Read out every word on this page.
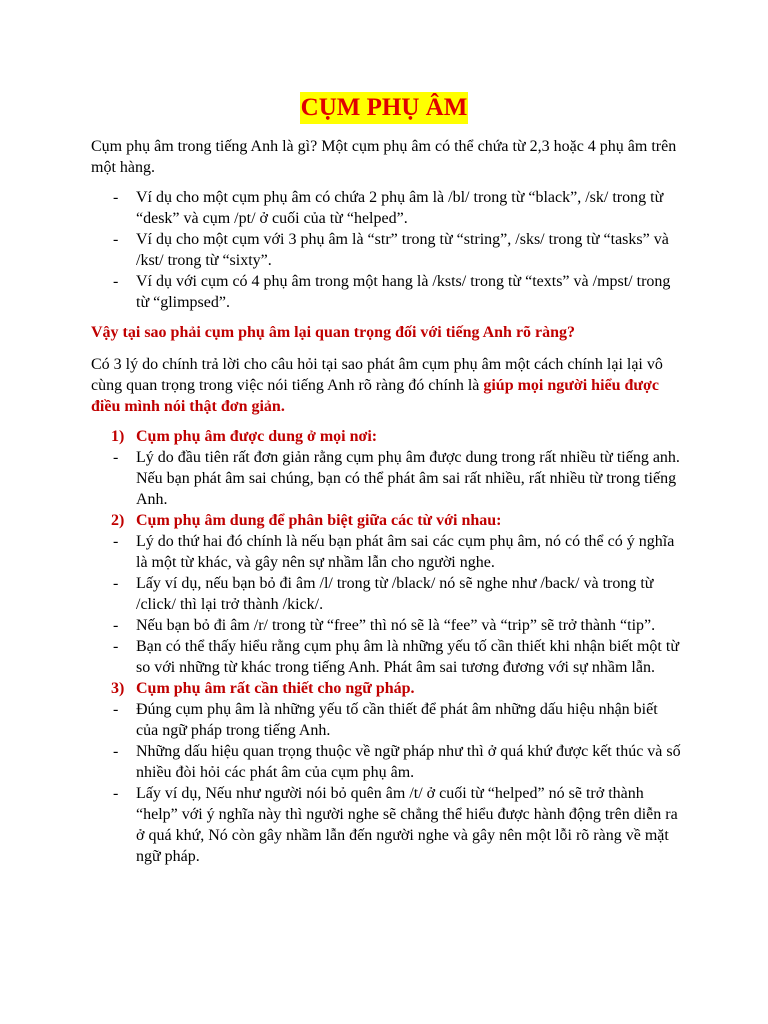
CỤM PHỤ ÂM

Cụm phụ âm trong tiếng Anh là gì? Một cụm phụ âm có thể chứa từ 2,3 hoặc 4 phụ âm trên một hàng.

- Ví dụ cho một cụm phụ âm có chứa 2 phụ âm là /bl/ trong từ “black”, /sk/ trong từ “desk” và cụm /pt/ ở cuối của từ “helped”.
- Ví dụ cho một cụm với 3 phụ âm là “str” trong từ “string”, /sks/ trong từ “tasks” và /kst/ trong từ “sixty”.
- Ví dụ với cụm có 4 phụ âm trong một hang là /ksts/ trong từ “texts” và /mpst/ trong từ “glimpsed”.

Vậy tại sao phải cụm phụ âm lại quan trọng đối với tiếng Anh rõ ràng?

Có 3 lý do chính trả lời cho câu hỏi tại sao phát âm cụm phụ âm một cách chính lại lại vô cùng quan trọng trong việc nói tiếng Anh rõ ràng đó chính là giúp mọi người hiểu được điều mình nói thật đơn giản.

1) Cụm phụ âm được dung ở mọi nơi:
- Lý do đầu tiên rất đơn giản rằng cụm phụ âm được dung trong rất nhiều từ tiếng anh. Nếu bạn phát âm sai chúng, bạn có thể phát âm sai rất nhiều, rất nhiều từ trong tiếng Anh.
2) Cụm phụ âm dung để phân biệt giữa các từ với nhau:
- Lý do thứ hai đó chính là nếu bạn phát âm sai các cụm phụ âm, nó có thể có ý nghĩa là một từ khác, và gây nên sự nhầm lẫn cho người nghe.
- Lấy ví dụ, nếu bạn bỏ đi âm /l/ trong từ /black/ nó sẽ nghe như /back/ và trong từ /click/ thì lại trở thành /kick/.
- Nếu bạn bỏ đi âm /r/ trong từ “free” thì nó sẽ là “fee” và “trip” sẽ trở thành “tip”.
- Bạn có thể thấy hiểu rằng cụm phụ âm là những yếu tố cần thiết khi nhận biết một từ so với những từ khác trong tiếng Anh. Phát âm sai tương đương với sự nhầm lẫn.
3) Cụm phụ âm rất cần thiết cho ngữ pháp.
- Đúng cụm phụ âm là những yếu tố cần thiết để phát âm những dấu hiệu nhận biết của ngữ pháp trong tiếng Anh.
- Những dấu hiệu quan trọng thuộc về ngữ pháp như thì ở quá khứ được kết thúc và số nhiều đòi hỏi các phát âm của cụm phụ âm.
- Lấy ví dụ, Nếu như người nói bỏ quên âm /t/ ở cuối từ “helped” nó sẽ trở thành “help” với ý nghĩa này thì người nghe sẽ chẳng thể hiểu được hành động trên diễn ra ở quá khứ, Nó còn gây nhầm lẫn đến người nghe và gây nên một lỗi rõ ràng về mặt ngữ pháp.
